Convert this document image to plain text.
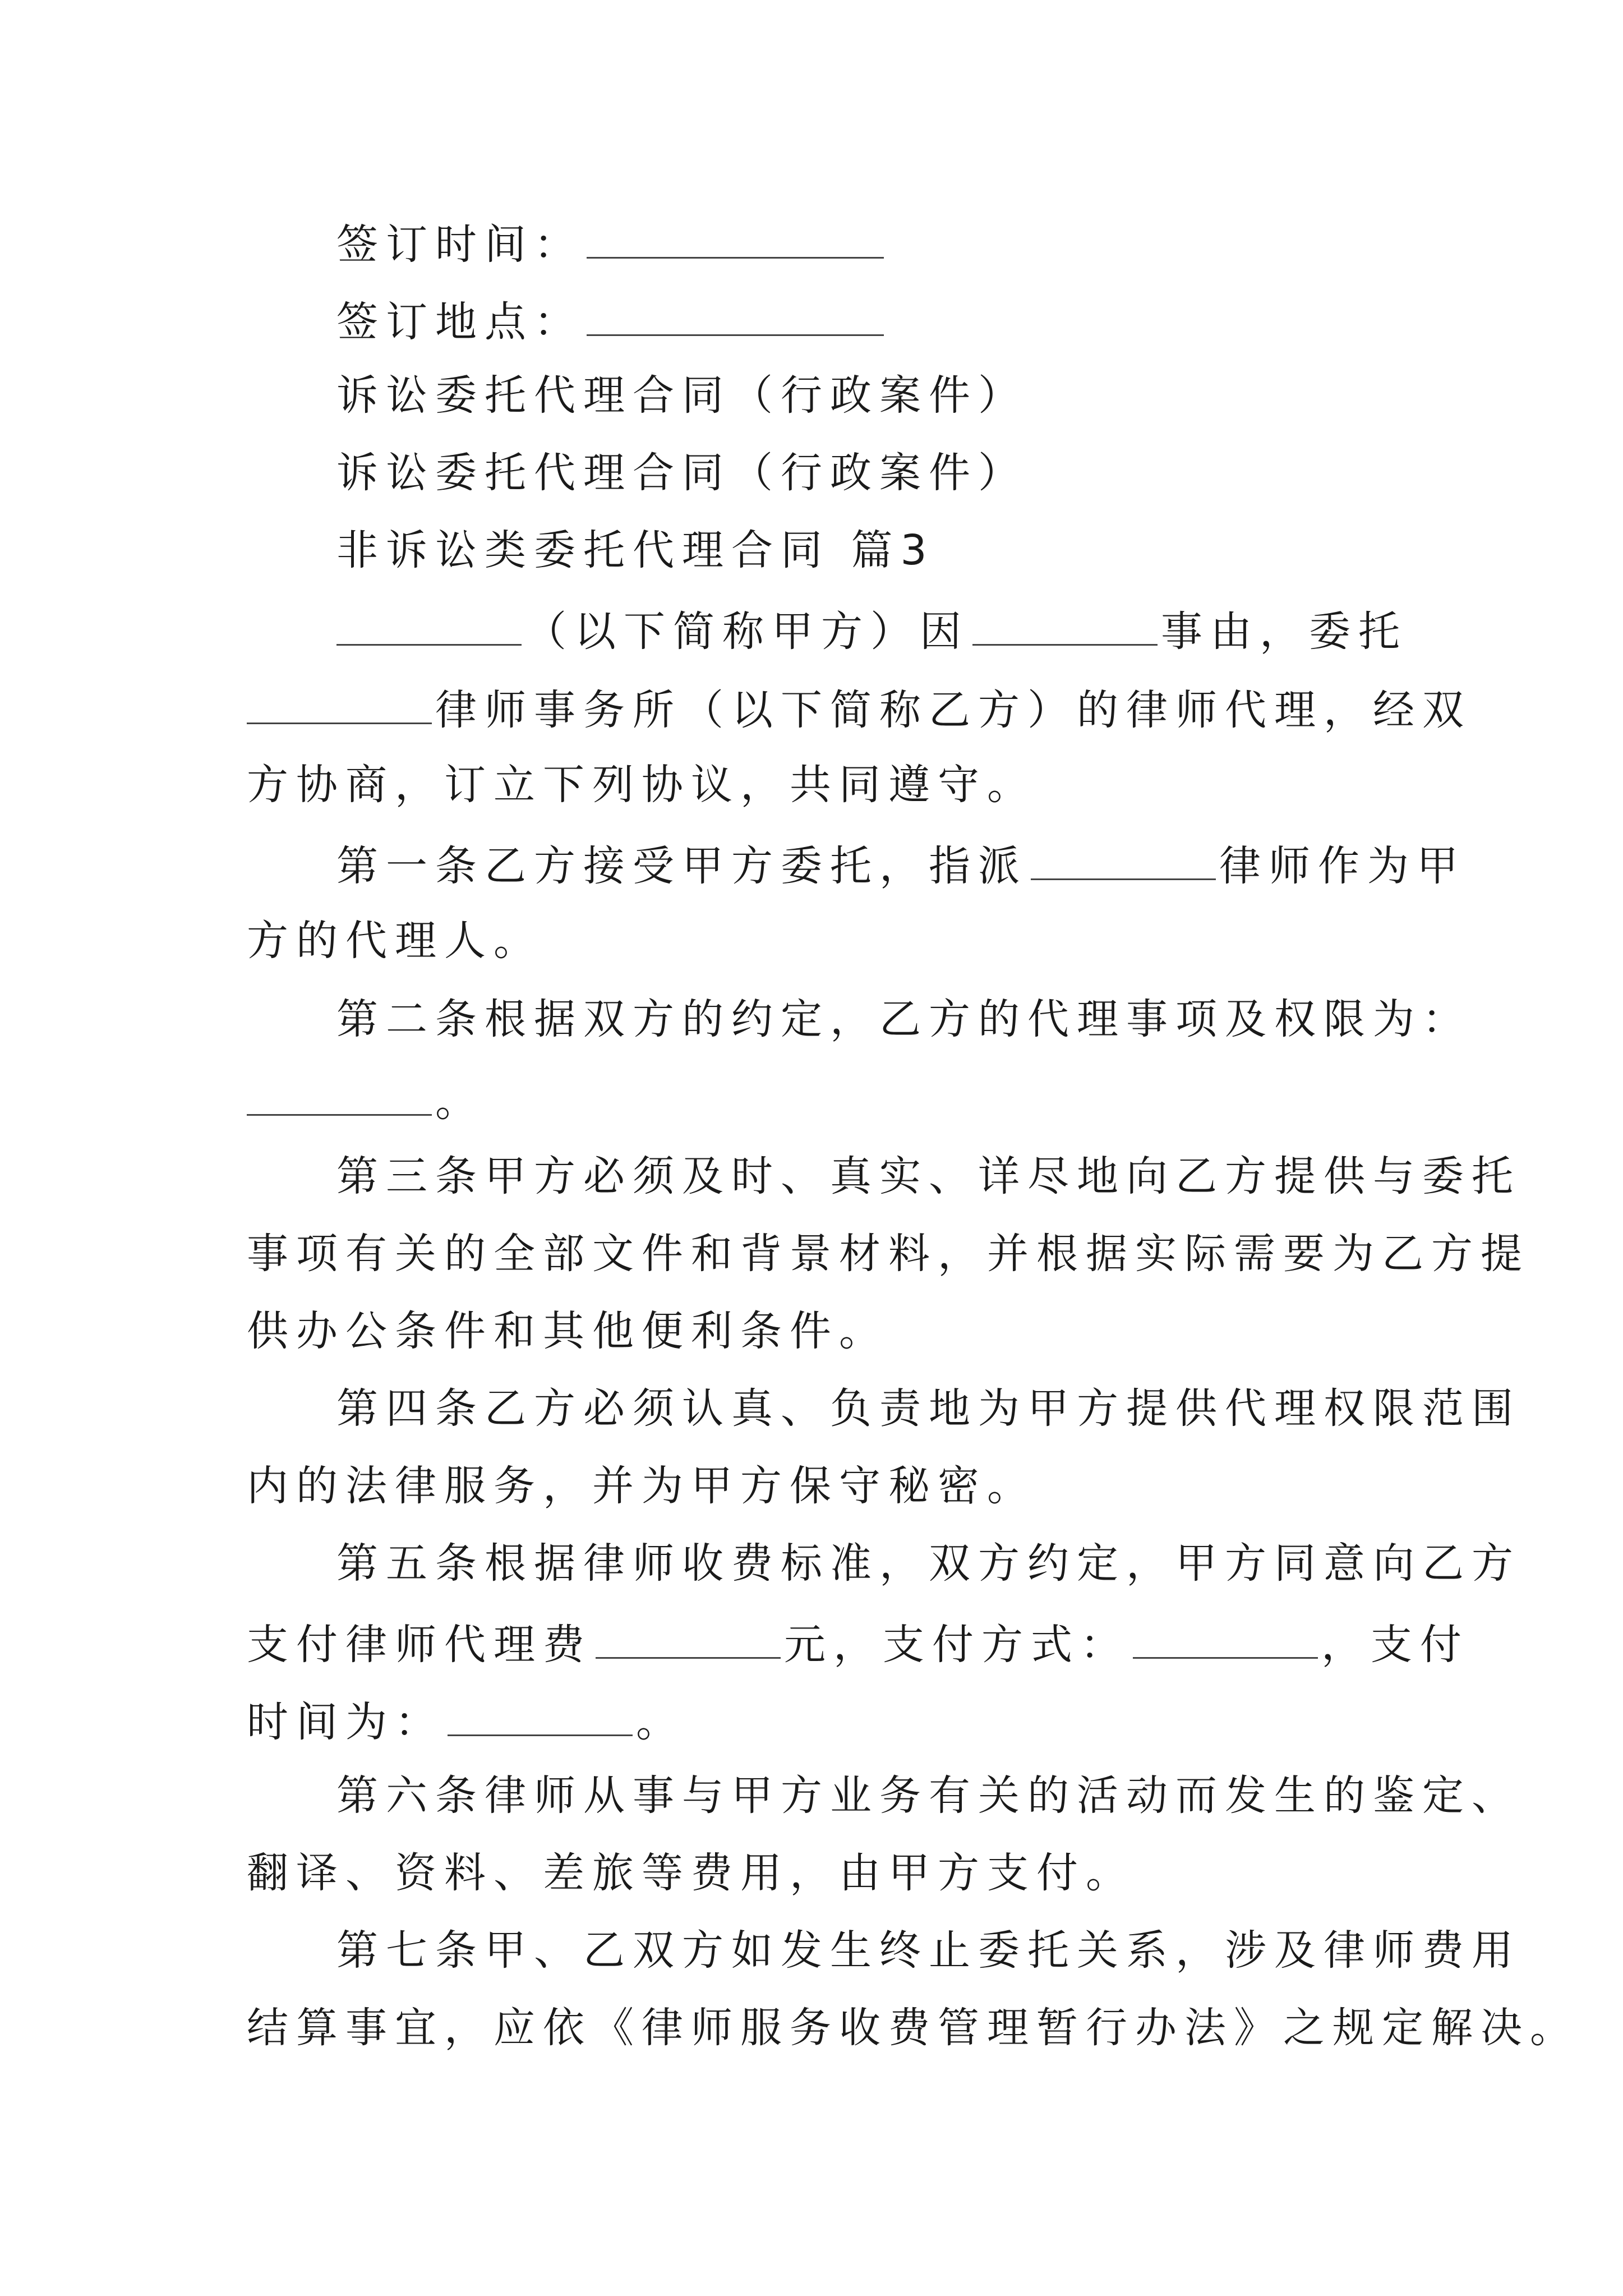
签订时间：
签订地点：
诉讼委托代理合同（行政案件）
诉讼委托代理合同（行政案件）
非诉讼类委托代理合同 篇3
（以下简称甲方）因	事由，委托
律师事务所（以下简称乙方）的律师代理，经双
方协商，订立下列协议，共同遵守。
第一条乙方接受甲方委托，指派	律师作为甲
方的代理人。
第二条根据双方的约定，乙方的代理事项及权限为：
。
第三条甲方必须及时、真实、详尽地向乙方提供与委托
事项有关的全部文件和背景材料，并根据实际需要为乙方提
供办公条件和其他便利条件。
第四条乙方必须认真、负责地为甲方提供代理权限范围
内的法律服务，并为甲方保守秘密。
第五条根据律师收费标准，双方约定，甲方同意向乙方
支付律师代理费	元，支付方式：	，支付
时间为：	。
第六条律师从事与甲方业务有关的活动而发生的鉴定、
翻译、资料、差旅等费用，由甲方支付。
第七条甲、乙双方如发生终止委托关系，涉及律师费用
结算事宜，应依《律师服务收费管理暂行办法》之规定解决。
